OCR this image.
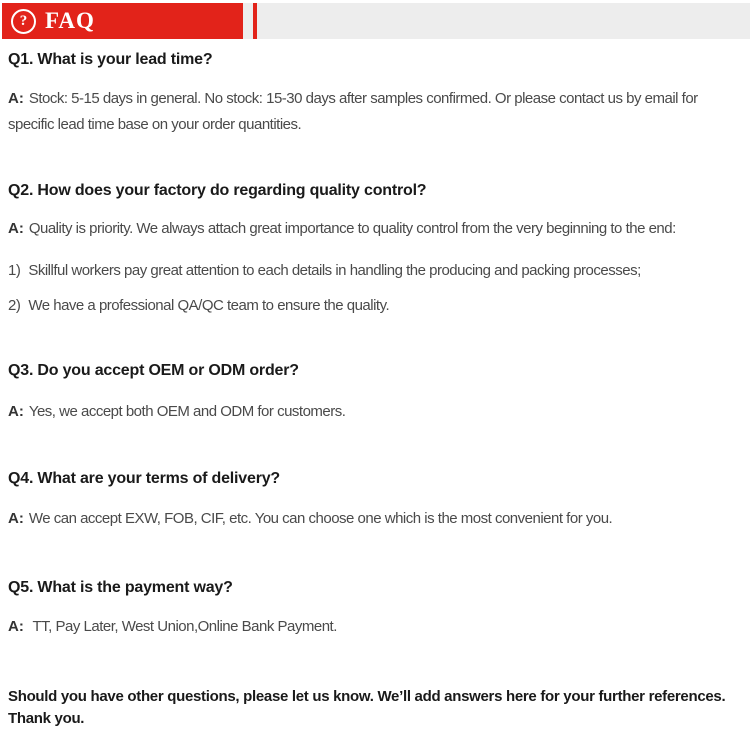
? FAQ
Q1. What is your lead time?

A: Stock: 5-15 days in general. No stock: 15-30 days after samples confirmed. Or please contact us by email for specific lead time base on your order quantities.

Q2. How does your factory do regarding quality control?

A: Quality is priority. We always attach great importance to quality control from the very beginning to the end:

1) Skillful workers pay great attention to each details in handling the producing and packing processes;

2) We have a professional QA/QC team to ensure the quality.

Q3. Do you accept OEM or ODM order?

A: Yes, we accept both OEM and ODM for customers.

Q4. What are your terms of delivery?

A: We can accept EXW, FOB, CIF, etc. You can choose one which is the most convenient for you.

Q5. What is the payment way?

A: TT, Pay Later, West Union,Online Bank Payment.

Should you have other questions, please let us know. We’ll add answers here for your further references. Thank you.
